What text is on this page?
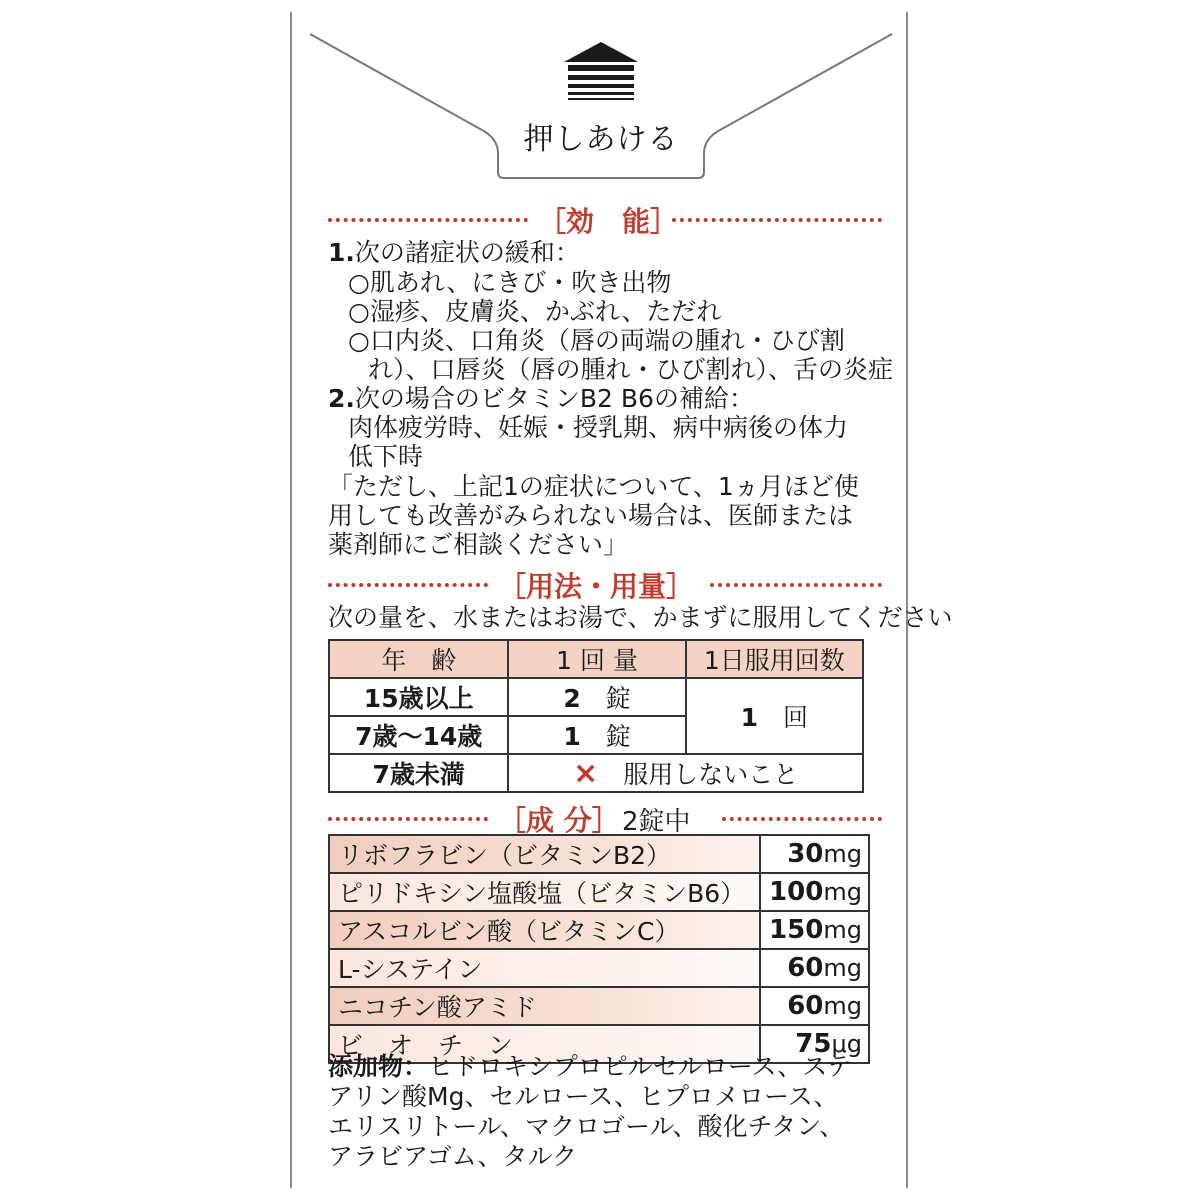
押しあける
［効　能］
1.次の諸症状の緩和：
○肌あれ、にきび・吹き出物
○湿疹、皮膚炎、かぶれ、ただれ
○口内炎、口角炎（唇の両端の腫れ・ひび割
れ）、口唇炎（唇の腫れ・ひび割れ）、舌の炎症
2.次の場合のビタミンB2 B6の補給：
肉体疲労時、妊娠・授乳期、病中病後の体力
低下時
「ただし、上記1の症状について、1ヵ月ほど使
用しても改善がみられない場合は、医師または
薬剤師にご相談ください」
［用法・用量］
次の量を、水またはお湯で、かまずに服用してください
年　齢	1 回 量	1日服用回数
15歳以上	2　 錠	1　 回
7歳～14歳	1　 錠	
7歳未満	×　 服用しないこと	
［成 分］ 2錠中
リボフラビン（ビタミンB2）	30mg
ピリドキシン塩酸塩（ビタミンB6）	100mg
アスコルビン酸（ビタミンC）	150mg
L-システイン	60mg
ニコチン酸アミド	60mg
ビ　オ　チ　ン	75μg
添加物：ヒドロキシプロピルセルロース、ステ
アリン酸Mg、セルロース、ヒプロメロース、
エリスリトール、マクロゴール、酸化チタン、
アラビアゴム、タルク
